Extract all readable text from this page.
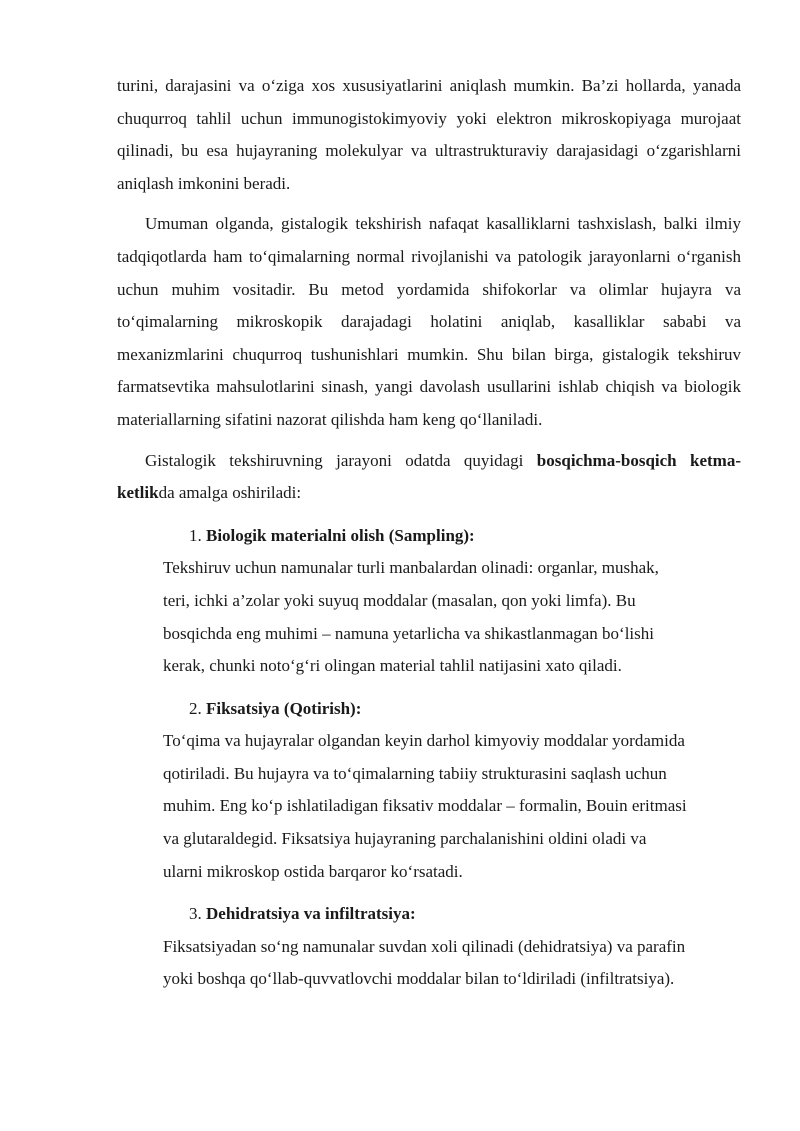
turini, darajasini va o‘ziga xos xususiyatlarini aniqlash mumkin. Ba’zi hollarda, yanada chuqurroq tahlil uchun immunogistokimyoviy yoki elektron mikroskopiyaga murojaat qilinadi, bu esa hujayraning molekulyar va ultrastrukturaviy darajasidagi o‘zgarishlarni aniqlash imkonini beradi.

Umuman olganda, gistalogik tekshirish nafaqat kasalliklarni tashxislash, balki ilmiy tadqiqotlarda ham to‘qimalarning normal rivojlanishi va patologik jarayonlarni o‘rganish uchun muhim vositadir. Bu metod yordamida shifokorlar va olimlar hujayra va to‘qimalarning mikroskopik darajadagi holatini aniqlab, kasalliklar sababi va mexanizmlarini chuqurroq tushunishlari mumkin. Shu bilan birga, gistalogik tekshiruv farmatsevtika mahsulotlarini sinash, yangi davolash usullarini ishlab chiqish va biologik materiallarning sifatini nazorat qilishda ham keng qo‘llaniladi.

Gistalogik tekshiruvning jarayoni odatda quyidagi bosqichma-bosqich ketma-ketlikda amalga oshiriladi:

1. Biologik materialni olish (Sampling):

Tekshiruv uchun namunalar turli manbalardan olinadi: organlar, mushak,
teri, ichki a’zolar yoki suyuq moddalar (masalan, qon yoki limfa). Bu
bosqichda eng muhimi – namuna yetarlicha va shikastlanmagan bo‘lishi
kerak, chunki noto‘g‘ri olingan material tahlil natijasini xato qiladi.

2. Fiksatsiya (Qotirish):

To‘qima va hujayralar olgandan keyin darhol kimyoviy moddalar yordamida
qotiriladi. Bu hujayra va to‘qimalarning tabiiy strukturasini saqlash uchun
muhim. Eng ko‘p ishlatiladigan fiksativ moddalar – formalin, Bouin eritmasi
va glutaraldegid. Fiksatsiya hujayraning parchalanishini oldini oladi va
ularni mikroskop ostida barqaror ko‘rsatadi.

3. Dehidratsiya va infiltratsiya:

Fiksatsiyadan so‘ng namunalar suvdan xoli qilinadi (dehidratsiya) va parafin
yoki boshqa qo‘llab-quvvatlovchi moddalar bilan to‘ldiriladi (infiltratsiya).
